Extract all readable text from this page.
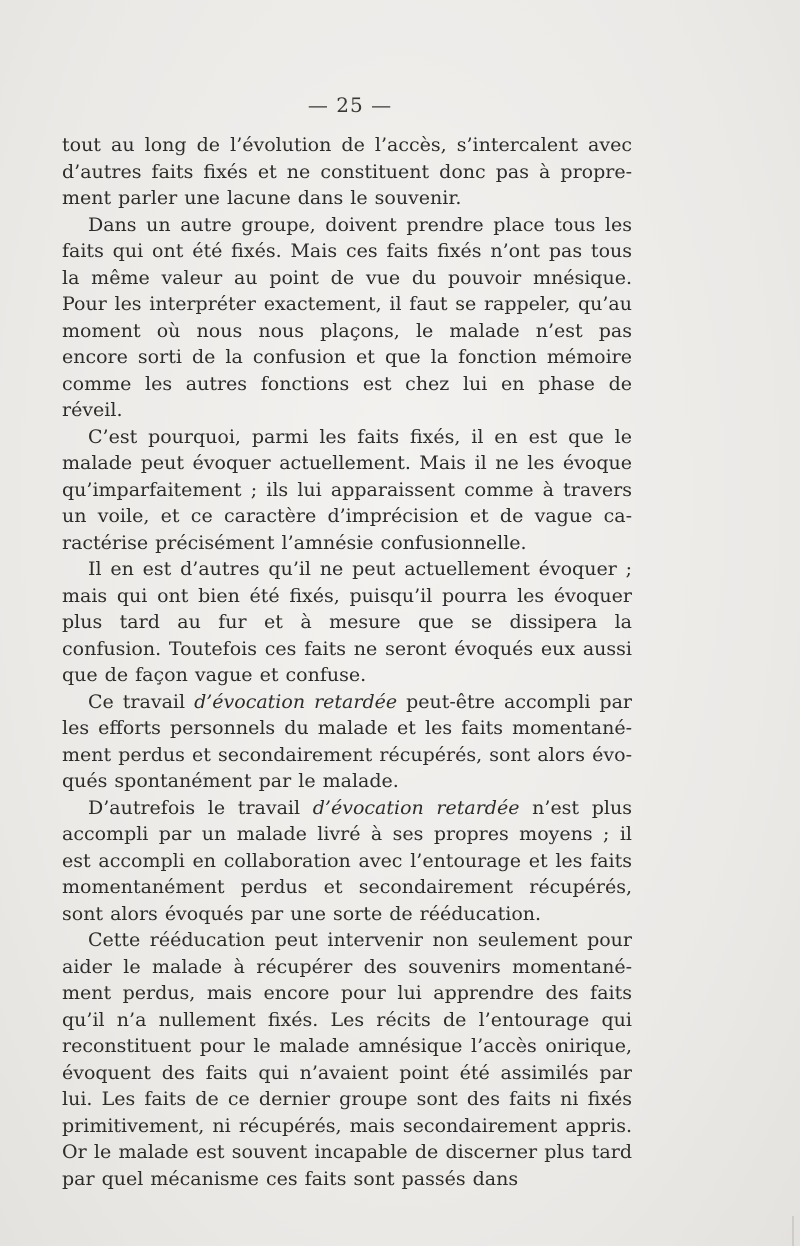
— 25 —

tout au long de l’évolution de l’accès, s’intercalent avec d’autres faits fixés et ne constituent donc pas à proprement parler une lacune dans le souvenir.

Dans un autre groupe, doivent prendre place tous les faits qui ont été fixés. Mais ces faits fixés n’ont pas tous la même valeur au point de vue du pouvoir mnésique. Pour les interpréter exactement, il faut se rappeler, qu’au moment où nous nous plaçons, le malade n’est pas encore sorti de la confusion et que la fonction mémoire comme les autres fonctions est chez lui en phase de réveil.

C’est pourquoi, parmi les faits fixés, il en est que le malade peut évoquer actuellement. Mais il ne les évoque qu’imparfaitement ; ils lui apparaissent comme à travers un voile, et ce caractère d’imprécision et de vague caractérise précisément l’amnésie confusionnelle.

Il en est d’autres qu’il ne peut actuellement évoquer ; mais qui ont bien été fixés, puisqu’il pourra les évoquer plus tard au fur et à mesure que se dissipera la confusion. Toutefois ces faits ne seront évoqués eux aussi que de façon vague et confuse.

Ce travail d’évocation retardée peut-être accompli par les efforts personnels du malade et les faits momentanément perdus et secondairement récupérés, sont alors évoqués spontanément par le malade.

D’autrefois le travail d’évocation retardée n’est plus accompli par un malade livré à ses propres moyens ; il est accompli en collaboration avec l’entourage et les faits momentanément perdus et secondairement récupérés, sont alors évoqués par une sorte de rééducation.

Cette rééducation peut intervenir non seulement pour aider le malade à récupérer des souvenirs momentanément perdus, mais encore pour lui apprendre des faits qu’il n’a nullement fixés. Les récits de l’entourage qui reconstituent pour le malade amnésique l’accès onirique, évoquent des faits qui n’avaient point été assimilés par lui. Les faits de ce dernier groupe sont des faits ni fixés primitivement, ni récupérés, mais secondairement appris. Or le malade est souvent incapable de discerner plus tard par quel mécanisme ces faits sont passés dans
